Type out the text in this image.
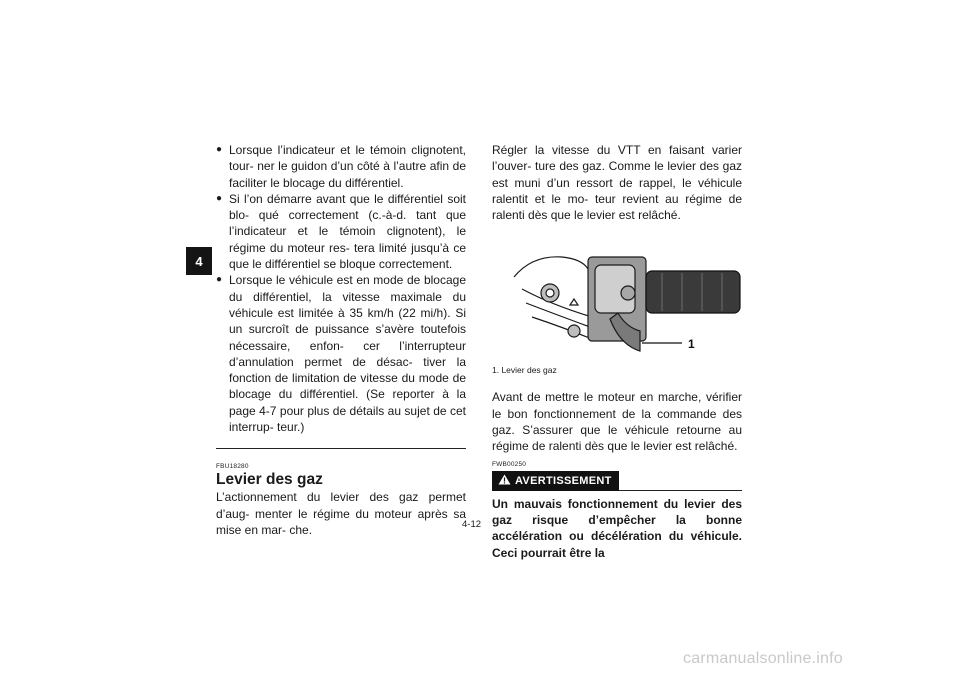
4
● Lorsque l’indicateur et le témoin clignotent, tour- ner le guidon d’un côté à l’autre afin de faciliter le blocage du différentiel.
● Si l’on démarre avant que le différentiel soit blo- qué correctement (c.-à-d. tant que l’indicateur et le témoin clignotent), le régime du moteur res- tera limité jusqu’à ce que le différentiel se bloque correctement.
● Lorsque le véhicule est en mode de blocage du différentiel, la vitesse maximale du véhicule est limitée à 35 km/h (22 mi/h). Si un surcroît de puissance s’avère toutefois nécessaire, enfon- cer l’interrupteur d’annulation permet de désac- tiver la fonction de limitation de vitesse du mode de blocage du différentiel. (Se reporter à la page 4-7 pour plus de détails au sujet de cet interrup- teur.)
FBU18280
Levier des gaz

L’actionnement du levier des gaz permet d’aug- menter le régime du moteur après sa mise en mar- che.

Régler la vitesse du VTT en faisant varier l’ouver- ture des gaz. Comme le levier des gaz est muni d’un ressort de rappel, le véhicule ralentit et le mo- teur revient au régime de ralenti dès que le levier est relâché.

1
1. Levier des gaz

Avant de mettre le moteur en marche, vérifier le bon fonctionnement de la commande des gaz. S’assurer que le véhicule retourne au régime de ralenti dès que le levier est relâché.

FWB00250
AVERTISSEMENT

Un mauvais fonctionnement du levier des gaz risque d’empêcher la bonne accélération ou décélération du véhicule. Ceci pourrait être la

4-12
carmanualsonline.info
